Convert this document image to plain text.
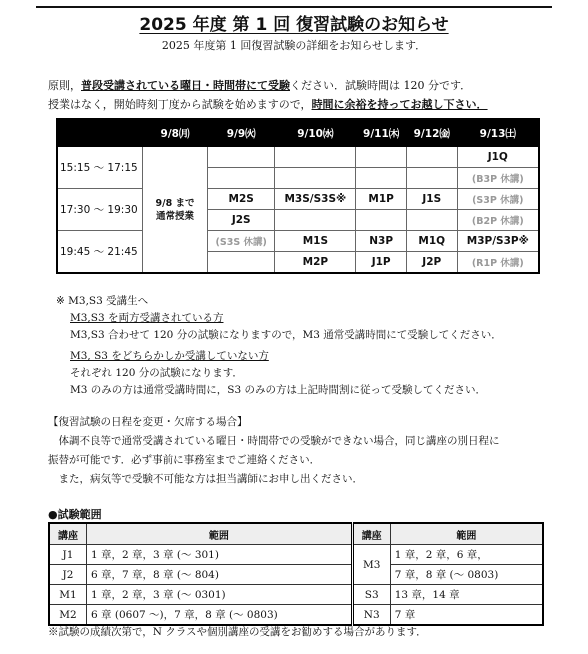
2025 年度 第 1 回 復習試験のお知らせ
2025 年度第 1 回復習試験の詳細をお知らせします．
原則，普段受講されている曜日・時間帯にて受験ください．試験時間は 120 分です．
授業はなく，開始時刻丁度から試験を始めますので，時間に余裕を持ってお越し下さい．
	9/8㈪	9/9㈫	9/10㈬	9/11㈭	9/12㈮	9/13㈯
15:15 ～ 17:15	9/8 まで
通常授業					J1Q
						(B3P 休講)
17:30 ～ 19:30		M2S	M3S/S3S※	M1P	J1S	(S3P 休講)
		J2S				(B2P 休講)
19:45 ～ 21:45		(S3S 休講)	M1S	N3P	M1Q	M3P/S3P※
			M2P	J1P	J2P	(R1P 休講)
※ M3,S3 受講生へ
M3,S3 を両方受講されている方
M3,S3 合わせて 120 分の試験になりますので，M3 通常受講時間にて受験してください．
M3, S3 をどちらかしか受講していない方
それぞれ 120 分の試験になります．
M3 のみの方は通常受講時間に，S3 のみの方は上記時間割に従って受験してください．
【復習試験の日程を変更・欠席する場合】
　体調不良等で通常受講されている曜日・時間帯での受験ができない場合，同じ講座の別日程に
振替が可能です．必ず事前に事務室までご連絡ください．
　また，病気等で受験不可能な方は担当講師にお申し出ください．
●試験範囲
講座	範囲	講座	範囲
J1	1 章，2 章，3 章 (～ 301)	M3	1 章，2 章，6 章，
J2	6 章，7 章，8 章 (～ 804)		7 章，8 章 (～ 0803)
M1	1 章，2 章，3 章 (～ 0301)	S3	13 章，14 章
M2	6 章 (0607 ～)，7 章，8 章 (～ 0803)	N3	7 章
※試験の成績次第で，N クラスや個別講座の受講をお勧めする場合があります．
